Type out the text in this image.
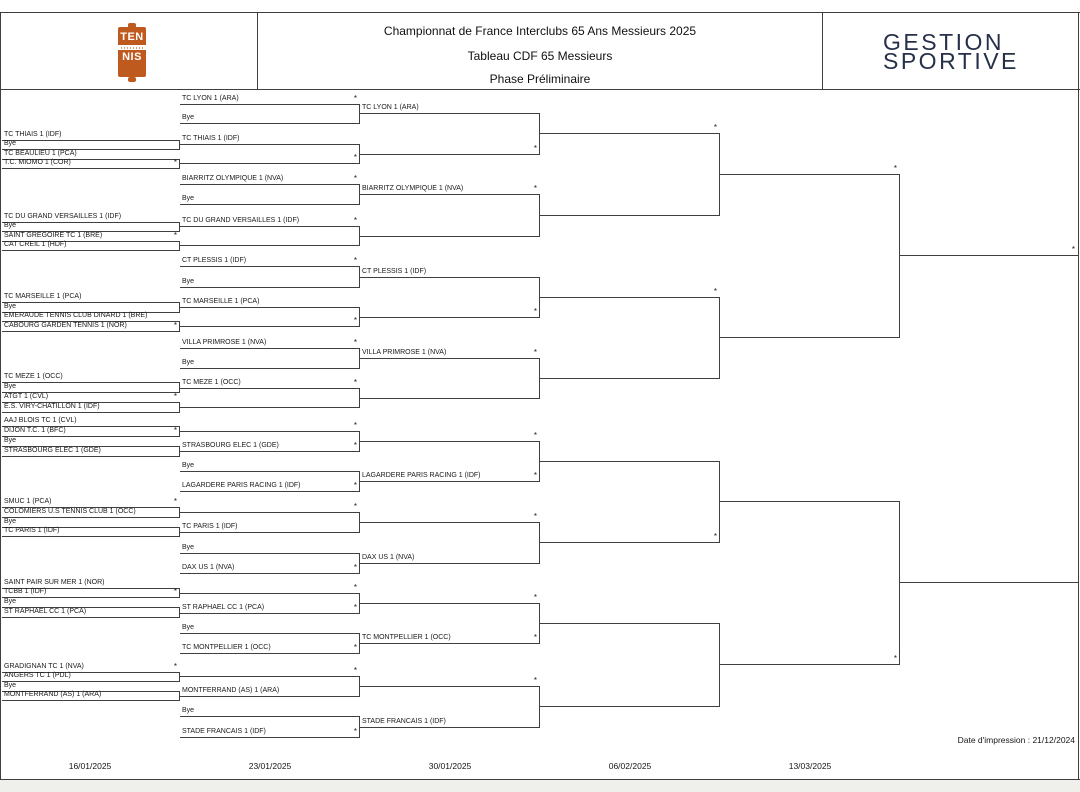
TEN
NIS
Championnat de France Interclubs 65 Ans Messieurs 2025
Tableau CDF 65 Messieurs
Phase Préliminaire
GESTION
SPORTIVE
TC THIAIS 1 (IDF)
Bye
TC BEAULIEU 1 (PCA)
T.C. MIOMO 1 (COR)	*
TC DU GRAND VERSAILLES 1 (IDF)
Bye
SAINT GREGOIRE TC 1 (BRE)	*
CAT CREIL 1 (HDF)
TC MARSEILLE 1 (PCA)
Bye
EMERAUDE TENNIS CLUB DINARD 1 (BRE)
CABOURG GARDEN TENNIS 1 (NOR)	*
TC MEZE 1 (OCC)
Bye
ATGT 1 (CVL)	*
E.S. VIRY-CHATILLON 1 (IDF)
AAJ BLOIS TC 1 (CVL)
DIJON T.C. 1 (BFC)	*
Bye
STRASBOURG ELEC 1 (GDE)
SMUC 1 (PCA)	*
COLOMIERS U.S TENNIS CLUB 1 (OCC)
Bye
TC PARIS 1 (IDF)
SAINT PAIR SUR MER 1 (NOR)
TCBB 1 (IDF)	*
Bye
ST RAPHAEL CC 1 (PCA)
GRADIGNAN TC 1 (NVA)	*
ANGERS TC 1 (PDL)
Bye
MONTFERRAND (AS) 1 (ARA)
TC LYON 1 (ARA)	*
Bye
TC THIAIS 1 (IDF)
*
BIARRITZ OLYMPIQUE 1 (NVA)	*
Bye
TC DU GRAND VERSAILLES 1 (IDF)	*
CT PLESSIS 1 (IDF)	*
Bye
TC MARSEILLE 1 (PCA)
*
VILLA PRIMROSE 1 (NVA)	*
Bye
TC MEZE 1 (OCC)	*
*
STRASBOURG ELEC 1 (GDE)	*
Bye
LAGARDERE PARIS RACING 1 (IDF)	*
*
TC PARIS 1 (IDF)
Bye
DAX US 1 (NVA)	*
*
ST RAPHAEL CC 1 (PCA)	*
Bye
TC MONTPELLIER 1 (OCC)	*
*
MONTFERRAND (AS) 1 (ARA)
Bye
STADE FRANCAIS 1 (IDF)	*
TC LYON 1 (ARA)
*
BIARRITZ OLYMPIQUE 1 (NVA)	*
CT PLESSIS 1 (IDF)
*
VILLA PRIMROSE 1 (NVA)	*
*
LAGARDERE PARIS RACING 1 (IDF)	*
*
DAX US 1 (NVA)
*
TC MONTPELLIER 1 (OCC)	*
*
STADE FRANCAIS 1 (IDF)
*
*
*
*
*
*
Date d'impression : 21/12/2024
16/01/2025	23/01/2025	30/01/2025	06/02/2025	13/03/2025
